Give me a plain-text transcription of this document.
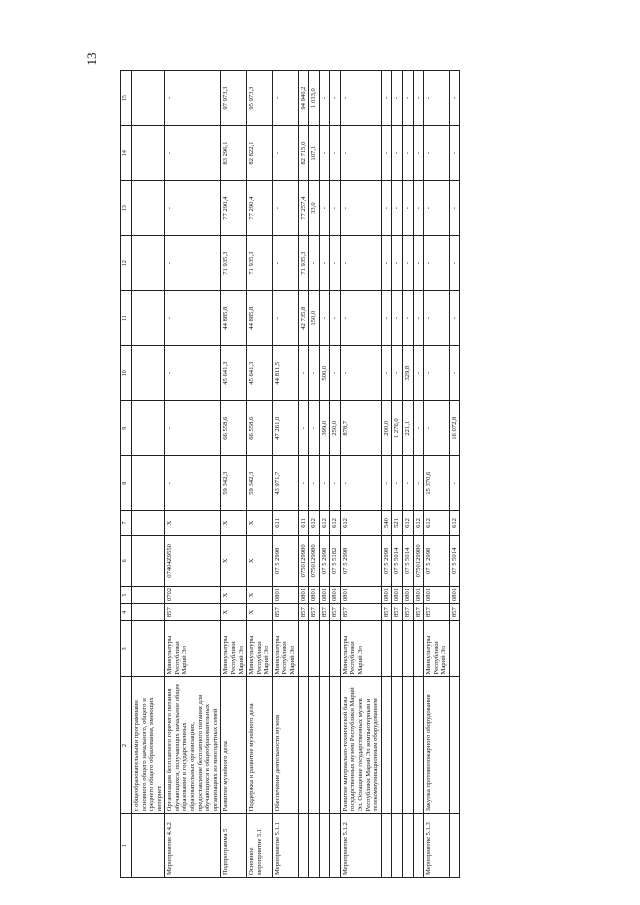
13
1	2	3	4	5	6	7	8	9	10	11	12	13	14	15
	с общеобразовательными программами основного общего начального, общего и среднего общего образования, имеющих интернет													
Мероприятие 4.4.2	Организация бесплатного горячего питания обучающихся, получающих начальное общее образование в государственных образовательных организациях, предоставление бесплатного питания для обучающихся в общеобразовательных организациях из многодетных семей	Минкультуры Республики Марий Эл	857	0702	07404Z9550	Х	-	-	-	-	-	-	-	-
Подпрограмма 5	Развитие музейного дела	Минкультуры Республики Марий Эл	Х	Х	Х	Х	59 342,3	66 558,6	45 641,3	44 885,8	71 935,3	77 290,4	83 296,1	97 973,3
Основное мероприятие 5.1	Поддержка и развитие музейного дела	Минкультуры Республики Марий Эл	Х	Х	Х	Х	59 342,3	66 558,6	45 641,3	44 885,8	71 935,3	77 290,4	82 822,1	95 973,3
Мероприятие 5.1.1	Обеспечение деятельности музеев	Минкультуры Республики Марий Эл	857	0801	07 5 2998	611	43 971,7	47 261,0	44 811,5	-	-	-	-	-
			857	0801	0750129980	611	-	-	-	42 735,8	71 935,3	77 257,4	82 715,0	94 940,2
			857	0801	0750129980	612	-	-	-	150,0	-	33,0	107,1	1 033,0
			857	0801	07 5 2998	612	-	399,0	500,0	-	-	-	-	-
			857	0801	07 5 5182	612	-	250,0	-	-	-	-	-	-
Мероприятие 5.1.2	Развитие материально-технической базы государственных музеев Республики Марий Эл. Оснащение государственных музеев Республики Марий Эл компьютерным и телекоммуникационным оборудованием	Минкультуры Республики Марий Эл	857	0801	07 5 2998	612	-	878,7	-	-	-	-	-	-
			857	0801	07 5 2998	540	-	200,0	-	-	-	-	-	-
			857	0801	07 5 5014	521	-	1 276,0	-	-	-	-	-	-
			857	0801	07 5 5014	612	-	221,1	329,8	-	-	-	-	-
			857	0801	0750129980	612	-	-	-	-	-	-	-	-
Мероприятие 5.1.3	Закупка противопожарного оборудования	Минкультуры Республики Марий Эл	857	0801	07 5 2998	612	15 370,6	-	-	-	-	-	-	-
			857	0801	07 5 5014	612	-	16 072,8	-	-	-	-	-	-
